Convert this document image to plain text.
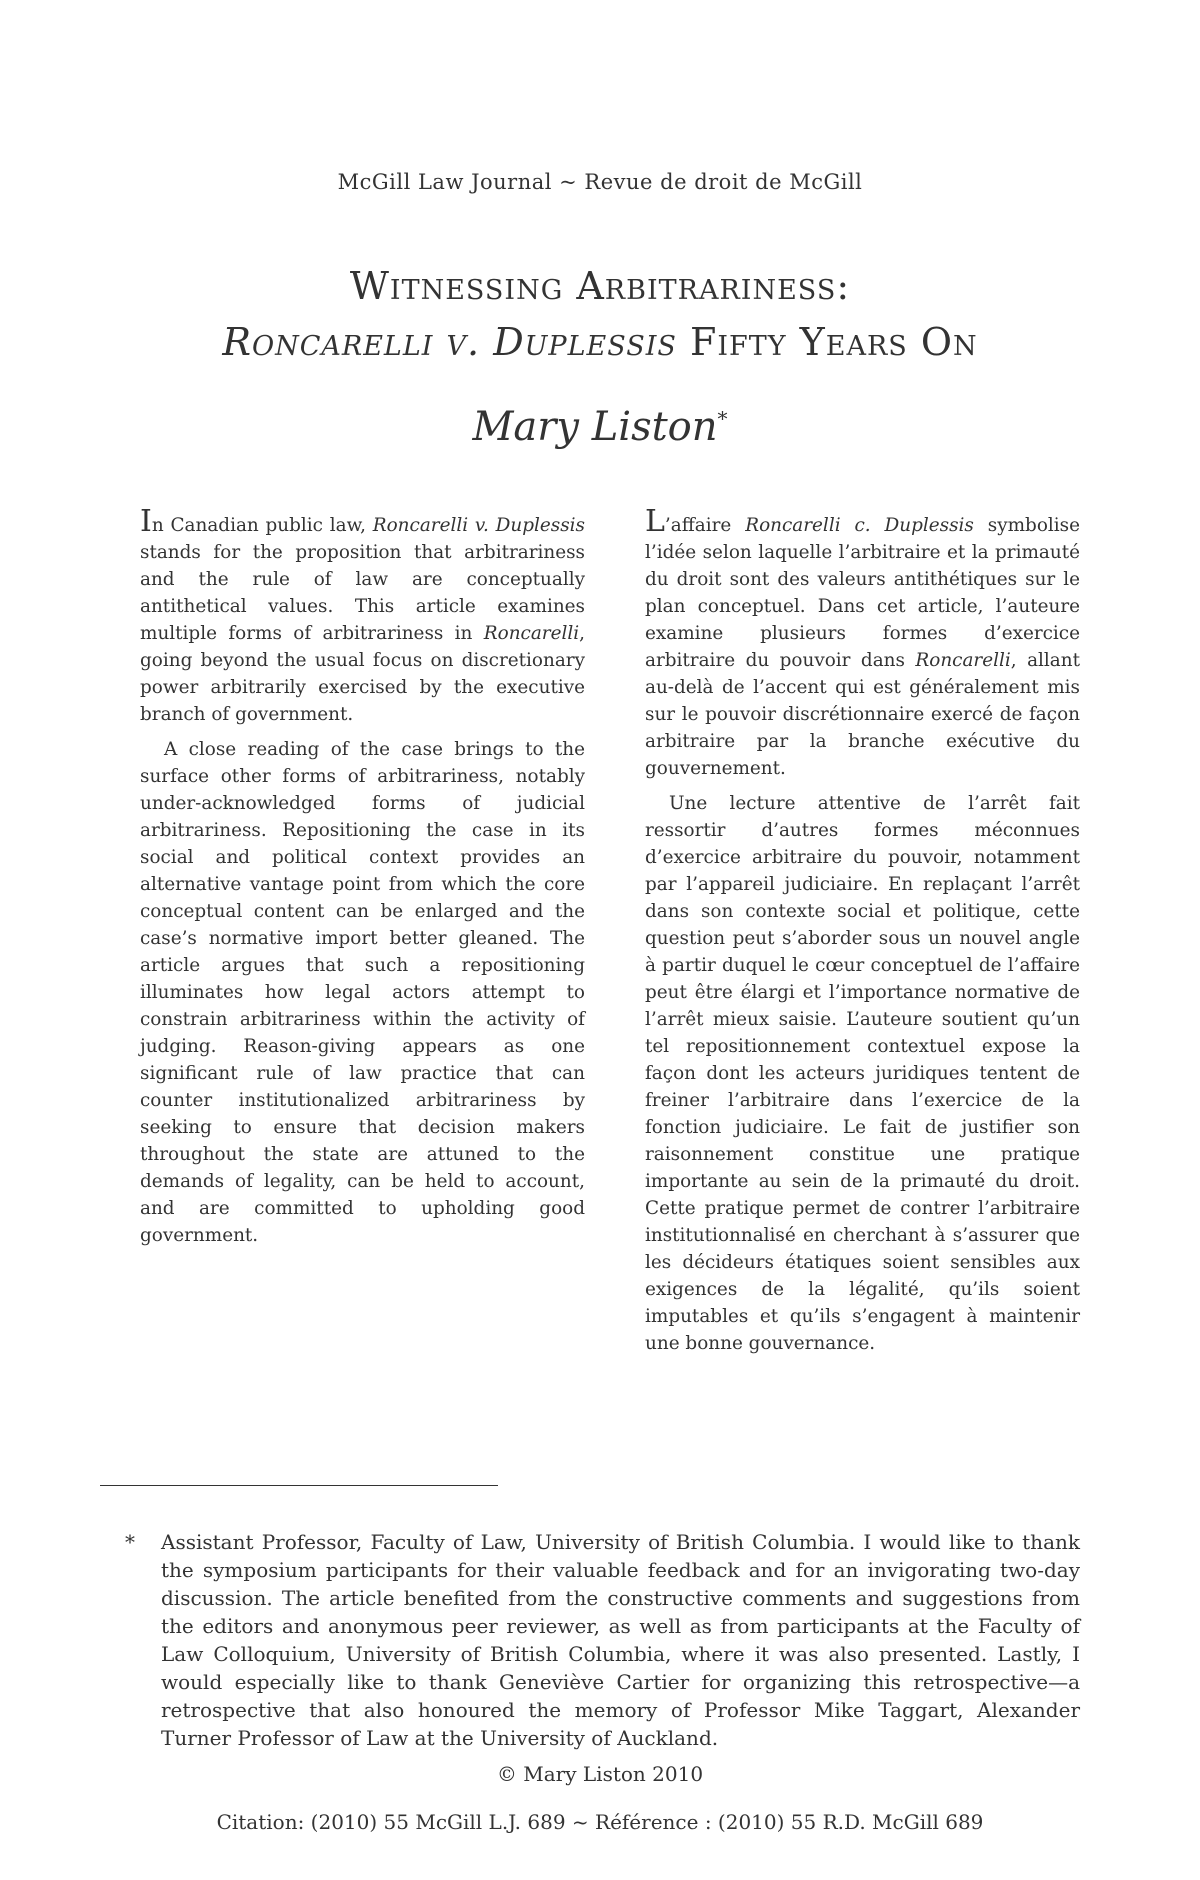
McGill Law Journal ~ Revue de droit de McGill
Witnessing Arbitrariness:
Roncarelli v. Duplessis Fifty Years On
Mary Liston*

In Canadian public law, Roncarelli v. Duplessis stands for the proposition that arbitrariness and the rule of law are conceptually antithetical values. This article examines multiple forms of arbitrariness in Roncarelli, going beyond the usual focus on discretionary power arbitrarily exercised by the executive branch of government.

A close reading of the case brings to the surface other forms of arbitrariness, notably under-acknowledged forms of judicial arbitrariness. Repositioning the case in its social and political context provides an alternative vantage point from which the core conceptual content can be enlarged and the case’s normative import better gleaned. The article argues that such a repositioning illuminates how legal actors attempt to constrain arbitrariness within the activity of judging. Reason-giving appears as one significant rule of law practice that can counter institutionalized arbitrariness by seeking to ensure that decision makers throughout the state are attuned to the demands of legality, can be held to account, and are committed to upholding good government.

L’affaire Roncarelli c. Duplessis symbolise l’idée selon laquelle l’arbitraire et la primauté du droit sont des valeurs antithétiques sur le plan conceptuel. Dans cet article, l’auteure examine plusieurs formes d’exercice arbitraire du pouvoir dans Roncarelli, allant au-delà de l’accent qui est généralement mis sur le pouvoir discrétionnaire exercé de façon arbitraire par la branche exécutive du gouvernement.

Une lecture attentive de l’arrêt fait ressortir d’autres formes méconnues d’exercice arbitraire du pouvoir, notamment par l’appareil judiciaire. En replaçant l’arrêt dans son contexte social et politique, cette question peut s’aborder sous un nouvel angle à partir duquel le cœur conceptuel de l’affaire peut être élargi et l’importance normative de l’arrêt mieux saisie. L’auteure soutient qu’un tel repositionnement contextuel expose la façon dont les acteurs juridiques tentent de freiner l’arbitraire dans l’exercice de la fonction judiciaire. Le fait de justifier son raisonnement constitue une pratique importante au sein de la primauté du droit. Cette pratique permet de contrer l’arbitraire institutionnalisé en cherchant à s’assurer que les décideurs étatiques soient sensibles aux exigences de la légalité, qu’ils soient imputables et qu’ils s’engagent à maintenir une bonne gouvernance.

* Assistant Professor, Faculty of Law, University of British Columbia. I would like to thank the symposium participants for their valuable feedback and for an invigorating two-day discussion. The article benefited from the constructive comments and suggestions from the editors and anonymous peer reviewer, as well as from participants at the Faculty of Law Colloquium, University of British Columbia, where it was also presented. Lastly, I would especially like to thank Geneviève Cartier for organizing this retrospective—a retrospective that also honoured the memory of Professor Mike Taggart, Alexander Turner Professor of Law at the University of Auckland.
© Mary Liston 2010
Citation: (2010) 55 McGill L.J. 689 ~ Référence : (2010) 55 R.D. McGill 689
